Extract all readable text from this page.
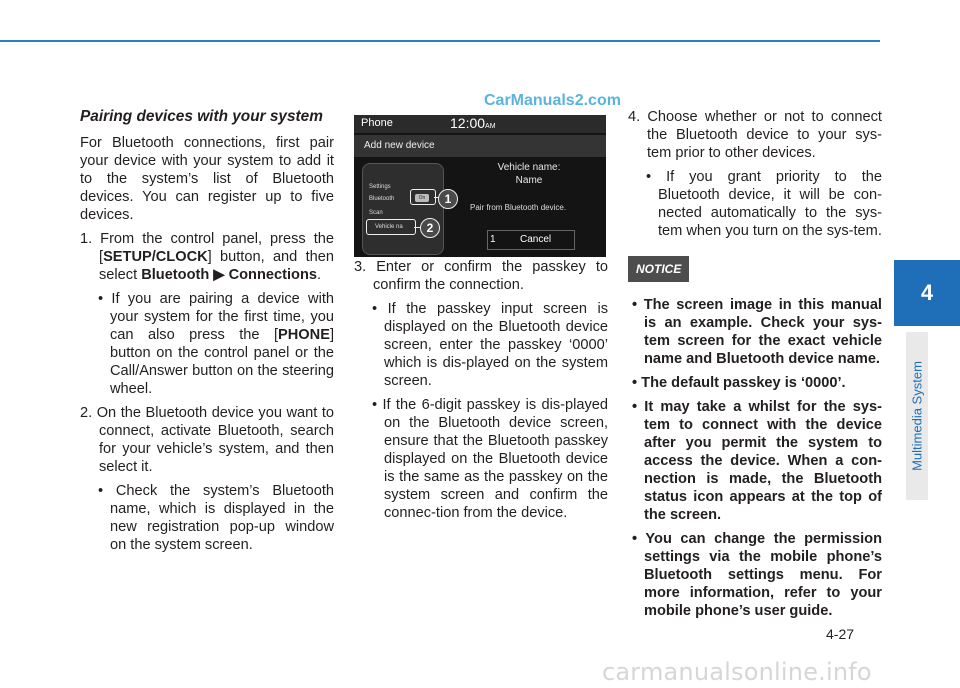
CarManuals2.com

Pairing devices with your system

For Bluetooth connections, first pair your device with your system to add it to the system’s list of Bluetooth devices. You can register up to five devices.

1. From the control panel, press the [SETUP/CLOCK] button, and then select Bluetooth ▶ Connections.

• If you are pairing a device with your system for the first time, you can also press the [PHONE] button on the control panel or the Call/Answer button on the steering wheel.

2. On the Bluetooth device you want to connect, activate Bluetooth, search for your vehicle’s system, and then select it.

• Check the system’s Bluetooth name, which is displayed in the new registration pop-up window on the system screen.

Phone	12:00AM
Add new device
Vehicle name:
Name
Pair from Bluetooth device.
1 Cancel
Settings
Bluetooth	On
Scan
Vehicle na
1
2

3. Enter or confirm the passkey to confirm the connection.

• If the passkey input screen is displayed on the Bluetooth device screen, enter the passkey ‘0000’ which is dis-played on the system screen.

• If the 6-digit passkey is dis-played on the Bluetooth device screen, ensure that the Bluetooth passkey displayed on the Bluetooth device is the same as the passkey on the system screen and confirm the connec-tion from the device.

4. Choose whether or not to connect the Bluetooth device to your sys-tem prior to other devices.

• If you grant priority to the Bluetooth device, it will be con-nected automatically to the sys-tem when you turn on the sys-tem.

NOTICE

• The screen image in this manual is an example. Check your sys-tem screen for the exact vehicle name and Bluetooth device name.

• The default passkey is ‘0000’.

• It may take a whilst for the sys-tem to connect with the device after you permit the system to access the device. When a con-nection is made, the Bluetooth status icon appears at the top of the screen.

• You can change the permission settings via the mobile phone’s Bluetooth settings menu. For more information, refer to your mobile phone’s user guide.

4
Multimedia System
4-27
carmanualsonline.info
